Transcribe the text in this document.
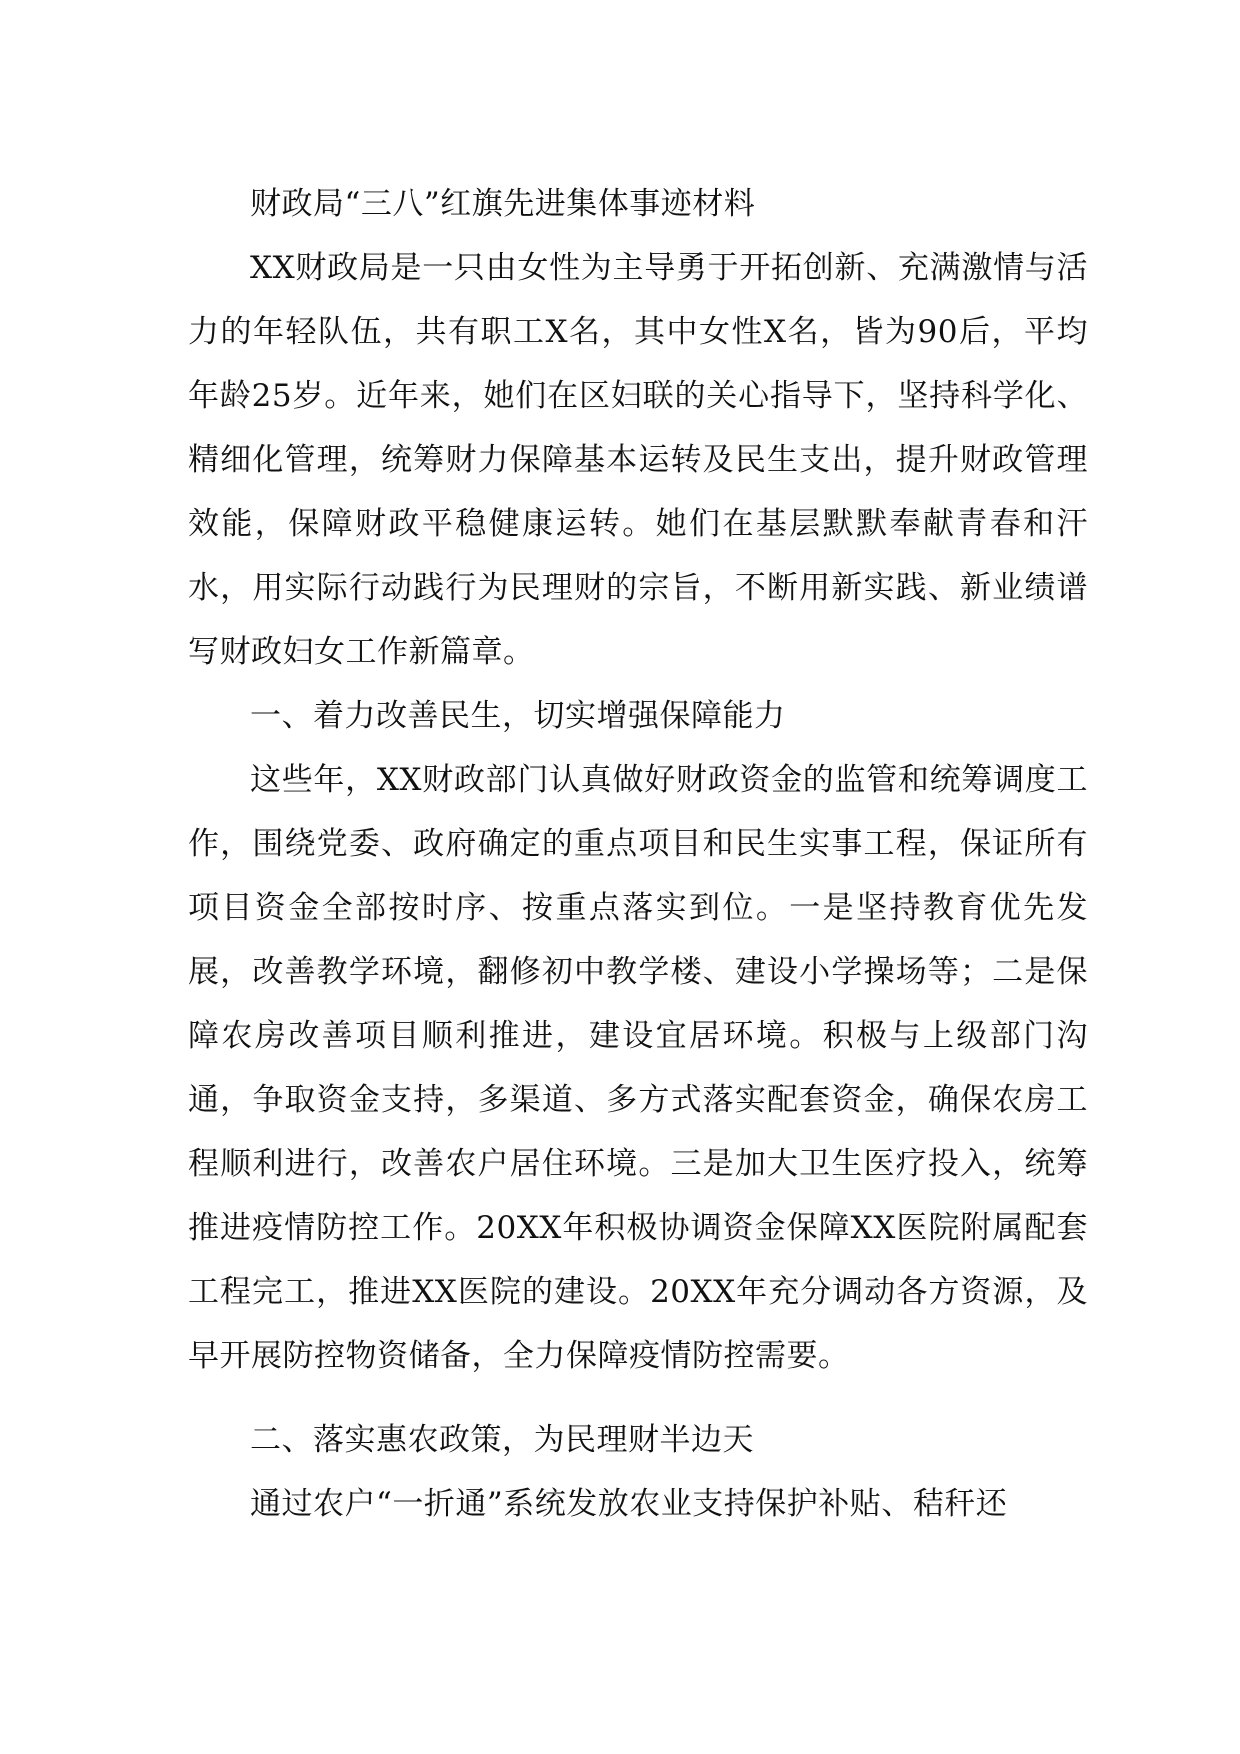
财政局“三八”红旗先进集体事迹材料

XX财政局是一只由女性为主导勇于开拓创新、充满激情与活力的年轻队伍，共有职工X名，其中女性X名，皆为90后，平均年龄25岁。近年来，她们在区妇联的关心指导下，坚持科学化、精细化管理，统筹财力保障基本运转及民生支出，提升财政管理效能，保障财政平稳健康运转。她们在基层默默奉献青春和汗水，用实际行动践行为民理财的宗旨，不断用新实践、新业绩谱写财政妇女工作新篇章。

一、着力改善民生，切实增强保障能力

这些年，XX财政部门认真做好财政资金的监管和统筹调度工作，围绕党委、政府确定的重点项目和民生实事工程，保证所有项目资金全部按时序、按重点落实到位。一是坚持教育优先发展，改善教学环境，翻修初中教学楼、建设小学操场等；二是保障农房改善项目顺利推进，建设宜居环境。积极与上级部门沟通，争取资金支持，多渠道、多方式落实配套资金，确保农房工程顺利进行，改善农户居住环境。三是加大卫生医疗投入，统筹推进疫情防控工作。20XX年积极协调资金保障XX医院附属配套工程完工，推进XX医院的建设。20XX年充分调动各方资源，及早开展防控物资储备，全力保障疫情防控需要。

二、落实惠农政策，为民理财半边天

通过农户“一折通”系统发放农业支持保护补贴、秸秆还
